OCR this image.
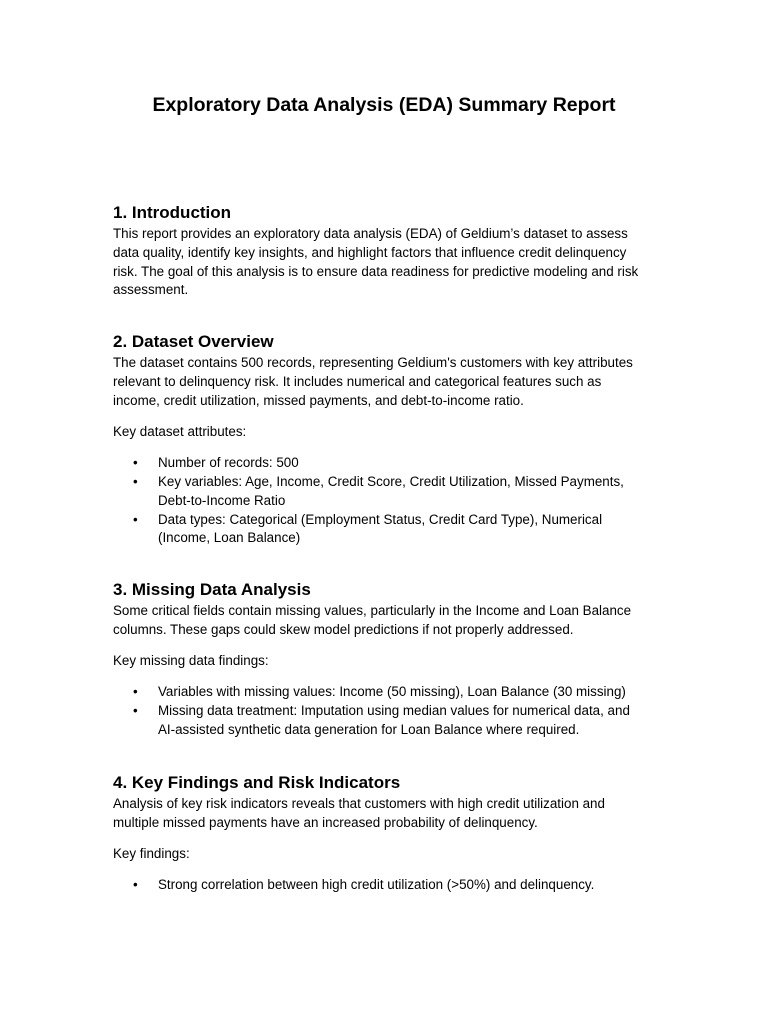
Exploratory Data Analysis (EDA) Summary Report
1. Introduction

This report provides an exploratory data analysis (EDA) of Geldium’s dataset to assess
data quality, identify key insights, and highlight factors that influence credit delinquency
risk. The goal of this analysis is to ensure data readiness for predictive modeling and risk
assessment.

2. Dataset Overview

The dataset contains 500 records, representing Geldium's customers with key attributes
relevant to delinquency risk. It includes numerical and categorical features such as
income, credit utilization, missed payments, and debt-to-income ratio.

Key dataset attributes:

• Number of records: 500
• Key variables: Age, Income, Credit Score, Credit Utilization, Missed Payments,
Debt-to-Income Ratio
• Data types: Categorical (Employment Status, Credit Card Type), Numerical
(Income, Loan Balance)
3. Missing Data Analysis

Some critical fields contain missing values, particularly in the Income and Loan Balance
columns. These gaps could skew model predictions if not properly addressed.

Key missing data findings:

• Variables with missing values: Income (50 missing), Loan Balance (30 missing)
• Missing data treatment: Imputation using median values for numerical data, and
AI-assisted synthetic data generation for Loan Balance where required.
4. Key Findings and Risk Indicators

Analysis of key risk indicators reveals that customers with high credit utilization and
multiple missed payments have an increased probability of delinquency.

Key findings:

• Strong correlation between high credit utilization (>50%) and delinquency.
